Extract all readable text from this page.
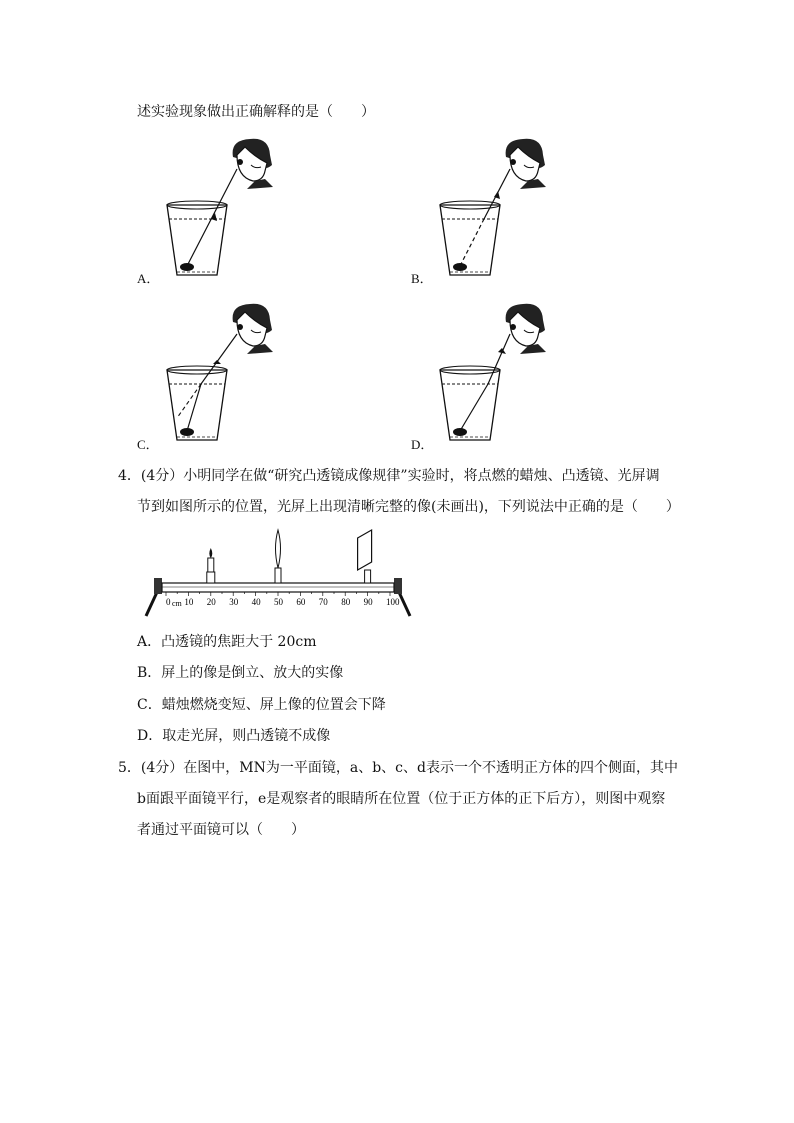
述实验现象做出正确解释的是（　　）
A．	B．
C．	D．
4．(4分）小明同学在做“研究凸透镜成像规律”实验时，将点燃的蜡烛、凸透镜、光屏调
节到如图所示的位置，光屏上出现清晰完整的像(未画出)，下列说法中正确的是（　　）
0 10 20 30 40 50 60 70 80 90 100
cm
A．凸透镜的焦距大于 20cm
B．屏上的像是倒立、放大的实像
C．蜡烛燃烧变短、屏上像的位置会下降
D．取走光屏，则凸透镜不成像
5．(4分）在图中，MN为一平面镜，a、b、c、d表示一个不透明正方体的四个侧面，其中
b面跟平面镜平行，e是观察者的眼睛所在位置（位于正方体的正下后方），则图中观察
者通过平面镜可以（　　）
